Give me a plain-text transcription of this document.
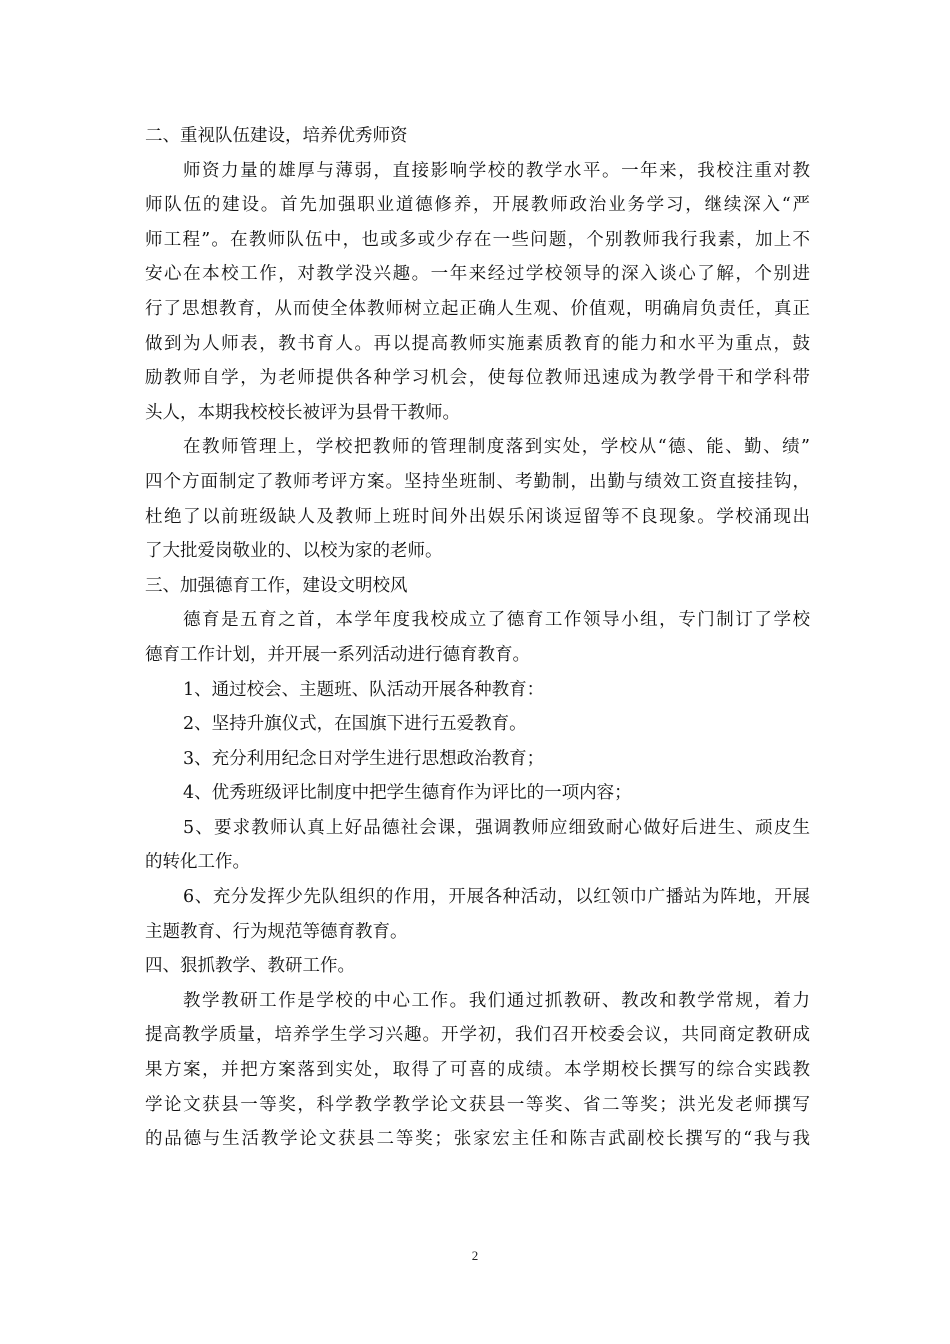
二、重视队伍建设，培养优秀师资
师资力量的雄厚与薄弱，直接影响学校的教学水平。一年来，我校注重对教
师队伍的建设。首先加强职业道德修养，开展教师政治业务学习，继续深入“严
师工程”。在教师队伍中，也或多或少存在一些问题，个别教师我行我素，加上不
安心在本校工作，对教学没兴趣。一年来经过学校领导的深入谈心了解，个别进
行了思想教育，从而使全体教师树立起正确人生观、价值观，明确肩负责任，真正
做到为人师表，教书育人。再以提高教师实施素质教育的能力和水平为重点，鼓
励教师自学，为老师提供各种学习机会，使每位教师迅速成为教学骨干和学科带
头人，本期我校校长被评为县骨干教师。
在教师管理上，学校把教师的管理制度落到实处，学校从“德、能、勤、绩”
四个方面制定了教师考评方案。坚持坐班制、考勤制，出勤与绩效工资直接挂钩，
杜绝了以前班级缺人及教师上班时间外出娱乐闲谈逗留等不良现象。学校涌现出
了大批爱岗敬业的、以校为家的老师。
三、加强德育工作，建设文明校风
德育是五育之首，本学年度我校成立了德育工作领导小组，专门制订了学校
德育工作计划，并开展一系列活动进行德育教育。
1、通过校会、主题班、队活动开展各种教育：
2、坚持升旗仪式，在国旗下进行五爱教育。
3、充分利用纪念日对学生进行思想政治教育；
4、优秀班级评比制度中把学生德育作为评比的一项内容；
5、要求教师认真上好品德社会课，强调教师应细致耐心做好后进生、顽皮生
的转化工作。
6、充分发挥少先队组织的作用，开展各种活动，以红领巾广播站为阵地，开展
主题教育、行为规范等德育教育。
四、狠抓教学、教研工作。
教学教研工作是学校的中心工作。我们通过抓教研、教改和教学常规，着力
提高教学质量，培养学生学习兴趣。开学初，我们召开校委会议，共同商定教研成
果方案，并把方案落到实处，取得了可喜的成绩。本学期校长撰写的综合实践教
学论文获县一等奖，科学教学教学论文获县一等奖、省二等奖；洪光发老师撰写
的品德与生活教学论文获县二等奖；张家宏主任和陈吉武副校长撰写的“我与我
2
